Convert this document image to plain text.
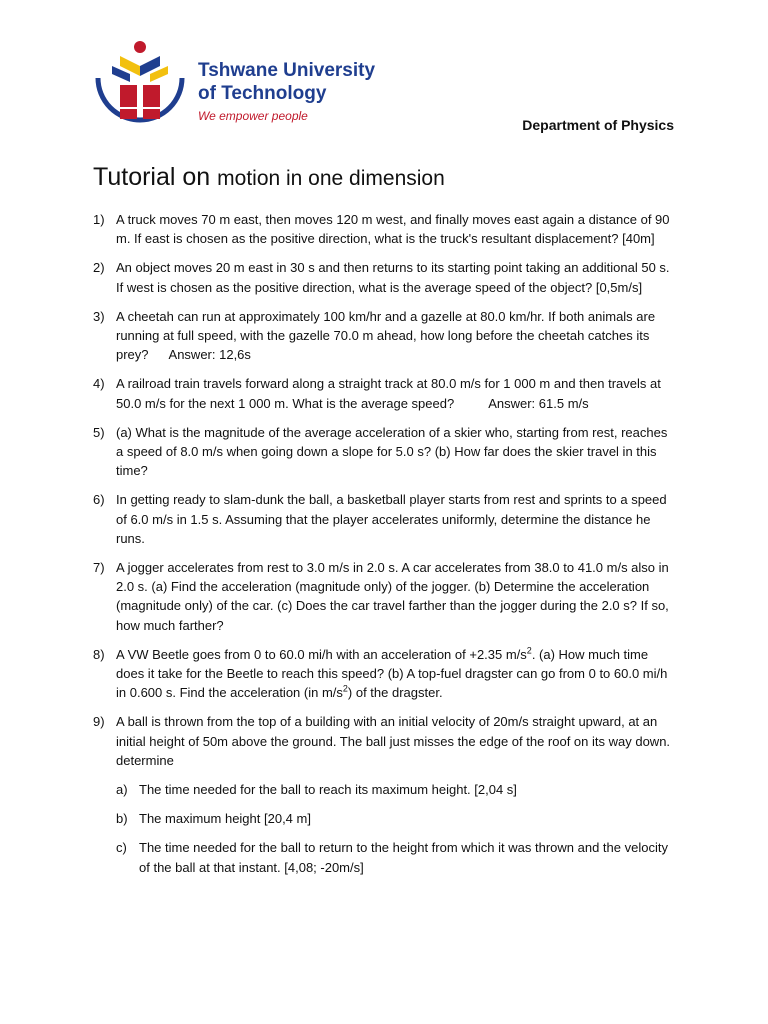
Tshwane University
of Technology
We empower people
Department of Physics
Tutorial on motion in one dimension
1) A truck moves 70 m east, then moves 120 m west, and finally moves east again a distance of 90 m. If east is chosen as the positive direction, what is the truck's resultant displacement? [40m]
2) An object moves 20 m east in 30 s and then returns to its starting point taking an additional 50 s. If west is chosen as the positive direction, what is the average speed of the object? [0,5m/s]
3) A cheetah can run at approximately 100 km/hr and a gazelle at 80.0 km/hr. If both animals are running at full speed, with the gazelle 70.0 m ahead, how long before the cheetah catches its prey? Answer: 12,6s
4) A railroad train travels forward along a straight track at 80.0 m/s for 1 000 m and then travels at 50.0 m/s for the next 1 000 m. What is the average speed?	Answer: 61.5 m/s
5) (a) What is the magnitude of the average acceleration of a skier who, starting from rest, reaches a speed of 8.0 m/s when going down a slope for 5.0 s? (b) How far does the skier travel in this time?
6) In getting ready to slam-dunk the ball, a basketball player starts from rest and sprints to a speed of 6.0 m/s in 1.5 s. Assuming that the player accelerates uniformly, determine the distance he runs.
7) A jogger accelerates from rest to 3.0 m/s in 2.0 s. A car accelerates from 38.0 to 41.0 m/s also in 2.0 s. (a) Find the acceleration (magnitude only) of the jogger. (b) Determine the acceleration (magnitude only) of the car. (c) Does the car travel farther than the jogger during the 2.0 s? If so, how much farther?
8) A VW Beetle goes from 0 to 60.0 mi/h with an acceleration of +2.35 $m/s^2$. (a) How much time does it take for the Beetle to reach this speed? (b) A top-fuel dragster can go from 0 to 60.0 mi/h in 0.600 s. Find the acceleration (in $m/s^2$) of the dragster.
9) A ball is thrown from the top of a building with an initial velocity of 20m/s straight upward, at an initial height of 50m above the ground. The ball just misses the edge of the roof on its way down. determine
a) The time needed for the ball to reach its maximum height. [2,04 s]
b) The maximum height [20,4 m]
c) The time needed for the ball to return to the height from which it was thrown and the velocity of the ball at that instant. [4,08; -20m/s]
